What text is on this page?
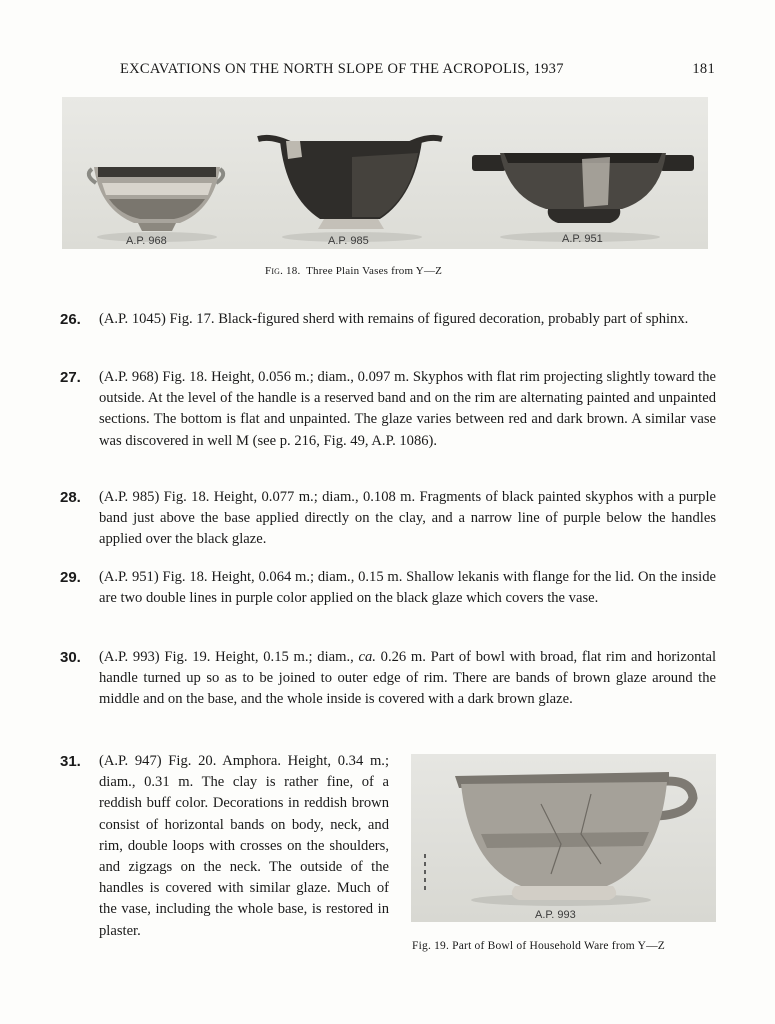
EXCAVATIONS ON THE NORTH SLOPE OF THE ACROPOLIS, 1937	181
A.P. 968	A.P. 985	A.P. 951
Fig. 18. Three Plain Vases from Y—Z
26. (A.P. 1045) Fig. 17. Black-figured sherd with remains of figured decoration, probably part of sphinx.
27. (A.P. 968) Fig. 18. Height, 0.056 m.; diam., 0.097 m. Skyphos with flat rim projecting slightly toward the outside. At the level of the handle is a reserved band and on the rim are alternating painted and unpainted sections. The bottom is flat and unpainted. The glaze varies between red and dark brown. A similar vase was discovered in well M (see p. 216, Fig. 49, A.P. 1086).
28. (A.P. 985) Fig. 18. Height, 0.077 m.; diam., 0.108 m. Fragments of black painted skyphos with a purple band just above the base applied directly on the clay, and a narrow line of purple below the handles applied over the black glaze.
29. (A.P. 951) Fig. 18. Height, 0.064 m.; diam., 0.15 m. Shallow lekanis with flange for the lid. On the inside are two double lines in purple color applied on the black glaze which covers the vase.
30. (A.P. 993) Fig. 19. Height, 0.15 m.; diam., ca. 0.26 m. Part of bowl with broad, flat rim and horizontal handle turned up so as to be joined to outer edge of rim. There are bands of brown glaze around the middle and on the base, and the whole inside is covered with a dark brown glaze.
31. (A.P. 947) Fig. 20. Amphora. Height, 0.34 m.; diam., 0.31 m. The clay is rather fine, of a reddish buff color. Decorations in reddish brown consist of horizontal bands on body, neck, and rim, double loops with crosses on the shoulders, and zigzags on the neck. The outside of the handles is covered with similar glaze. Much of the vase, including the whole base, is restored in plaster.
A.P. 993
Fig. 19. Part of Bowl of Household Ware from Y—Z
